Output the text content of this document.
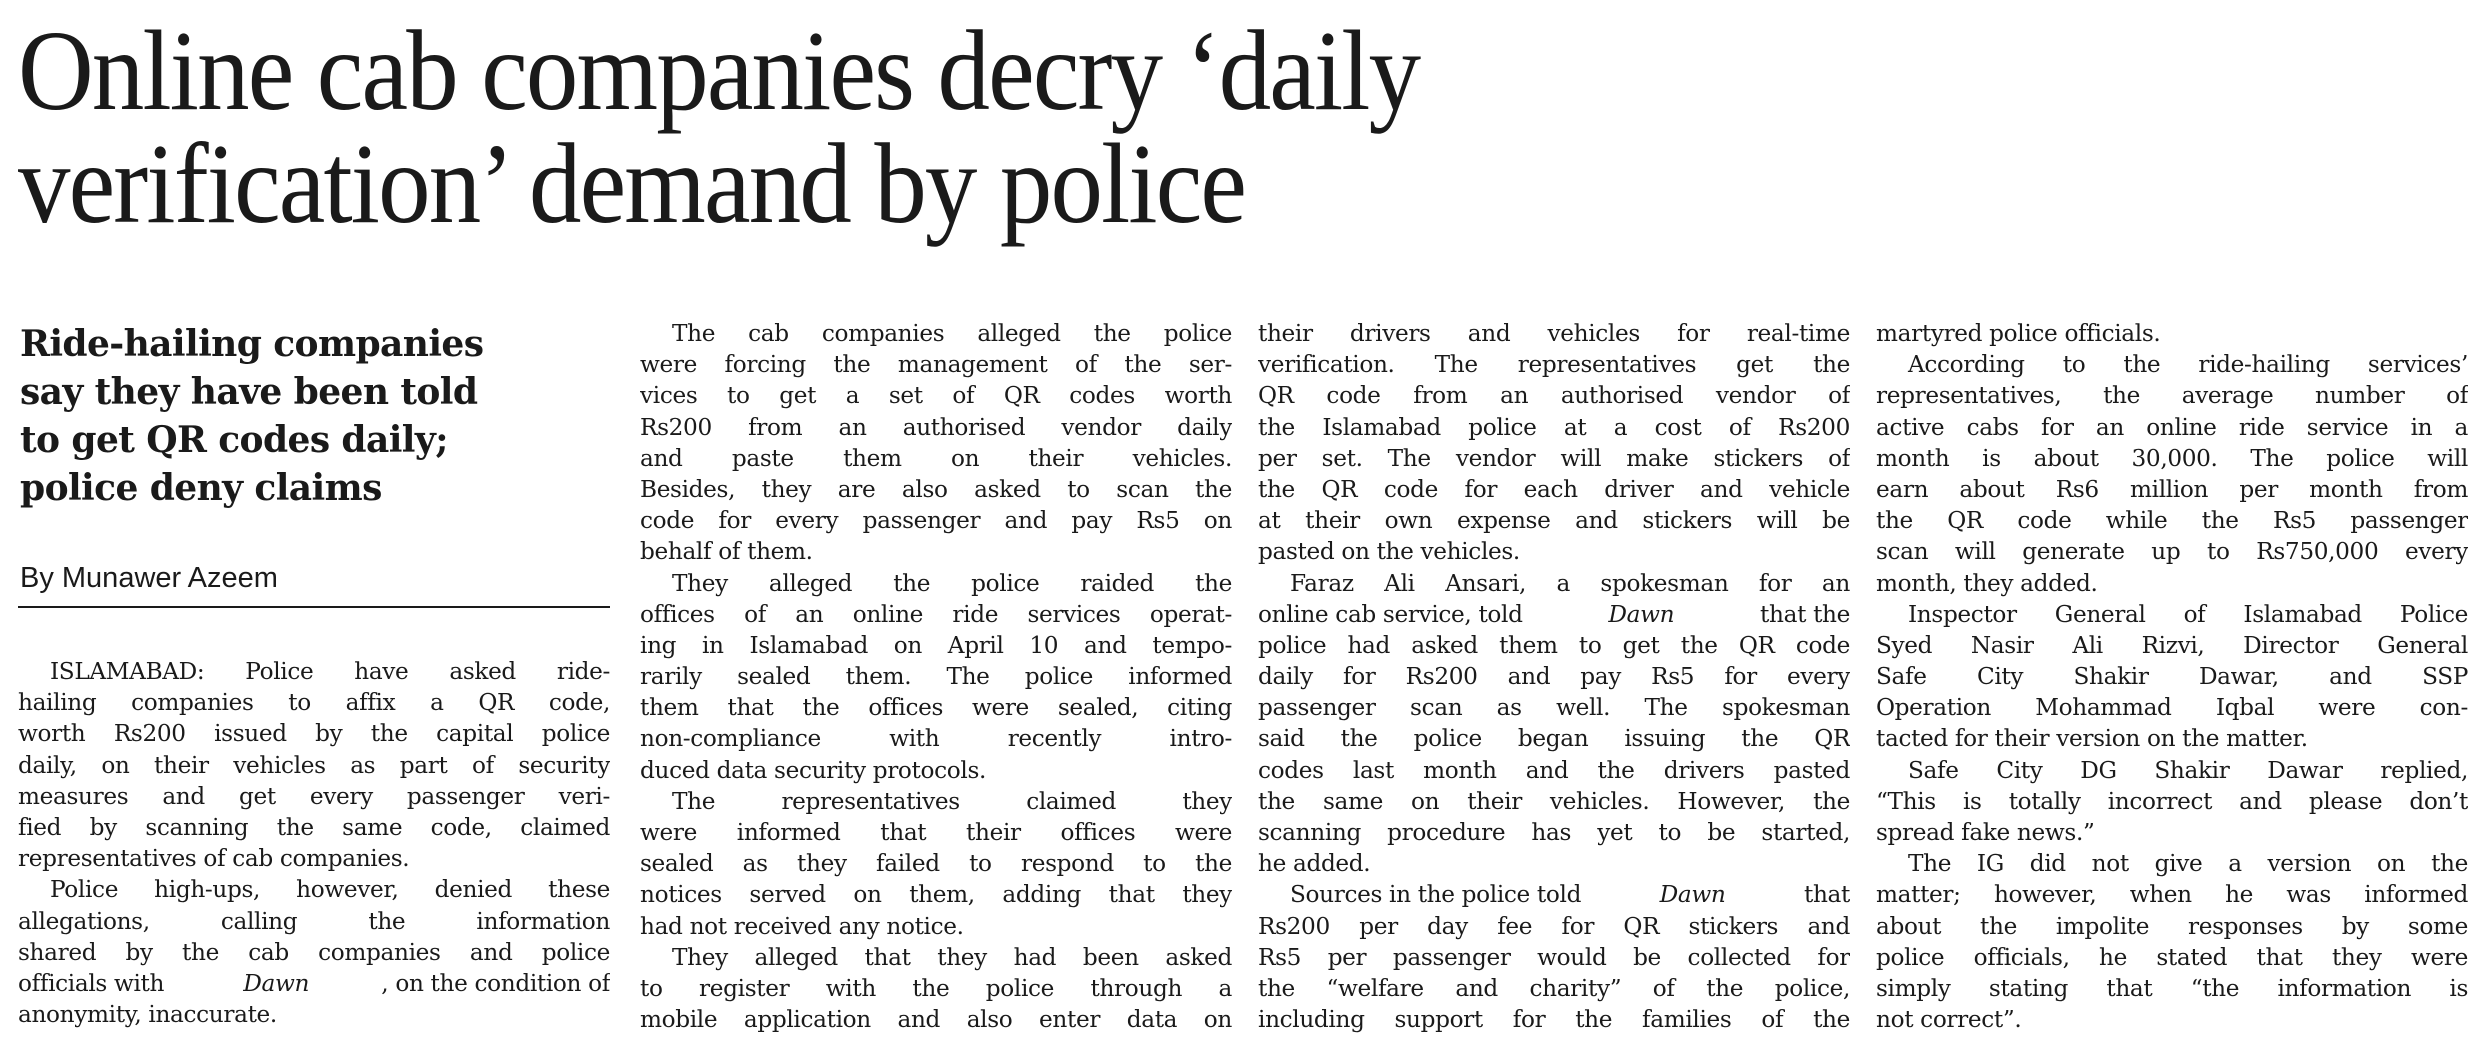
Online cab companies decry ‘daily
verification’ demand by police
Ride-hailing companies
say they have been told
to get QR codes daily;
police deny claims
By Munawer Azeem
ISLAMABAD: Police have asked ride-
hailing companies to affix a QR code,
worth Rs200 issued by the capital police
daily, on their vehicles as part of security
measures and get every passenger veri-
fied by scanning the same code, claimed
representatives of cab companies.
Police high-ups, however, denied these
allegations, calling the information
shared by the cab companies and police
officials with	Dawn	, on the condition of
anonymity, inaccurate.
The cab companies alleged the police
were forcing the management of the ser-
vices to get a set of QR codes worth
Rs200 from an authorised vendor daily
and paste them on their vehicles.
Besides, they are also asked to scan the
code for every passenger and pay Rs5 on
behalf of them.
They alleged the police raided the
offices of an online ride services operat-
ing in Islamabad on April 10 and tempo-
rarily sealed them. The police informed
them that the offices were sealed, citing
non-compliance with recently intro-
duced data security protocols.
The representatives claimed they
were informed that their offices were
sealed as they failed to respond to the
notices served on them, adding that they
had not received any notice.
They alleged that they had been asked
to register with the police through a
mobile application and also enter data on
their drivers and vehicles for real-time
verification. The representatives get the
QR code from an authorised vendor of
the Islamabad police at a cost of Rs200
per set. The vendor will make stickers of
the QR code for each driver and vehicle
at their own expense and stickers will be
pasted on the vehicles.
Faraz Ali Ansari, a spokesman for an
online cab service, told	Dawn	that the
police had asked them to get the QR code
daily for Rs200 and pay Rs5 for every
passenger scan as well. The spokesman
said the police began issuing the QR
codes last month and the drivers pasted
the same on their vehicles. However, the
scanning procedure has yet to be started,
he added.
Sources in the police told	Dawn	that
Rs200 per day fee for QR stickers and
Rs5 per passenger would be collected for
the “welfare and charity” of the police,
including support for the families of the
martyred police officials.
According to the ride-hailing services’
representatives, the average number of
active cabs for an online ride service in a
month is about 30,000. The police will
earn about Rs6 million per month from
the QR code while the Rs5 passenger
scan will generate up to Rs750,000 every
month, they added.
Inspector General of Islamabad Police
Syed Nasir Ali Rizvi, Director General
Safe City Shakir Dawar, and SSP
Operation Mohammad Iqbal were con-
tacted for their version on the matter.
Safe City DG Shakir Dawar replied,
“This is totally incorrect and please don’t
spread fake news.”
The IG did not give a version on the
matter; however, when he was informed
about the impolite responses by some
police officials, he stated that they were
simply stating that “the information is
not correct”.
